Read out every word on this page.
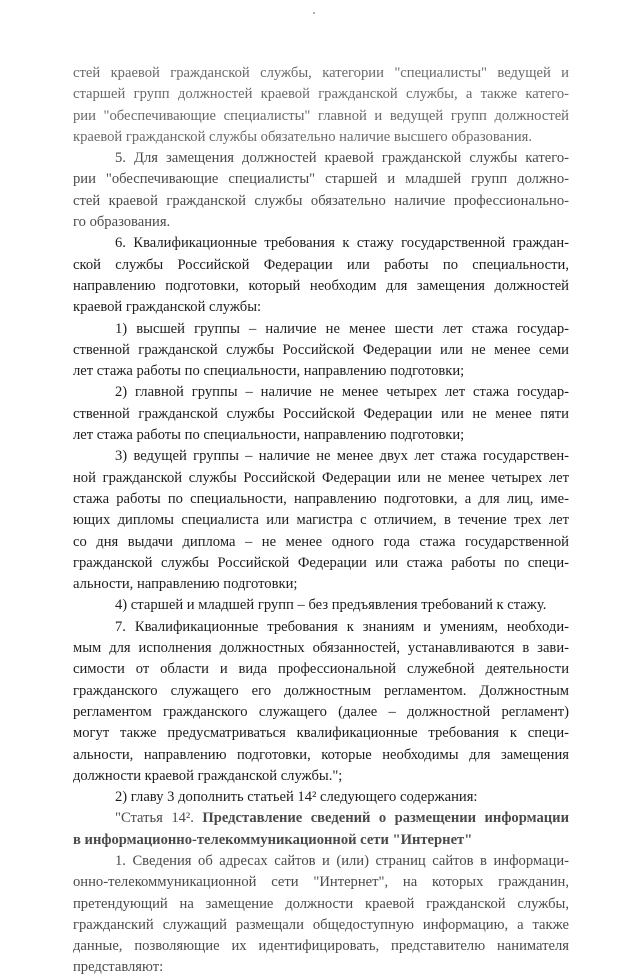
стей краевой гражданской службы, категории "специалисты" ведущей и
старшей групп должностей краевой гражданской службы, а также катего-
рии "обеспечивающие специалисты" главной и ведущей групп должностей
краевой гражданской службы обязательно наличие высшего образования.
5. Для замещения должностей краевой гражданской службы катего-
рии "обеспечивающие специалисты" старшей и младшей групп должно-
стей краевой гражданской службы обязательно наличие профессионально-
го образования.
6. Квалификационные требования к стажу государственной граждан-
ской службы Российской Федерации или работы по специальности,
направлению подготовки, который необходим для замещения должностей
краевой гражданской службы:
1) высшей группы – наличие не менее шести лет стажа государ-
ственной гражданской службы Российской Федерации или не менее семи
лет стажа работы по специальности, направлению подготовки;
2) главной группы – наличие не менее четырех лет стажа государ-
ственной гражданской службы Российской Федерации или не менее пяти
лет стажа работы по специальности, направлению подготовки;
3) ведущей группы – наличие не менее двух лет стажа государствен-
ной гражданской службы Российской Федерации или не менее четырех лет
стажа работы по специальности, направлению подготовки, а для лиц, име-
ющих дипломы специалиста или магистра с отличием, в течение трех лет
со дня выдачи диплома – не менее одного года стажа государственной
гражданской службы Российской Федерации или стажа работы по специ-
альности, направлению подготовки;
4) старшей и младшей групп – без предъявления требований к стажу.
7. Квалификационные требования к знаниям и умениям, необходи-
мым для исполнения должностных обязанностей, устанавливаются в зави-
симости от области и вида профессиональной служебной деятельности
гражданского служащего его должностным регламентом. Должностным
регламентом гражданского служащего (далее – должностной регламент)
могут также предусматриваться квалификационные требования к специ-
альности, направлению подготовки, которые необходимы для замещения
должности краевой гражданской службы.";
2) главу 3 дополнить статьей 14² следующего содержания:
"Статья 14². Представление сведений о размещении информации
в информационно-телекоммуникационной сети "Интернет"
1. Сведения об адресах сайтов и (или) страниц сайтов в информаци-
онно-телекоммуникационной сети "Интернет", на которых гражданин,
претендующий на замещение должности краевой гражданской службы,
гражданский служащий размещали общедоступную информацию, а также
данные, позволяющие их идентифицировать, представителю нанимателя
представляют:
